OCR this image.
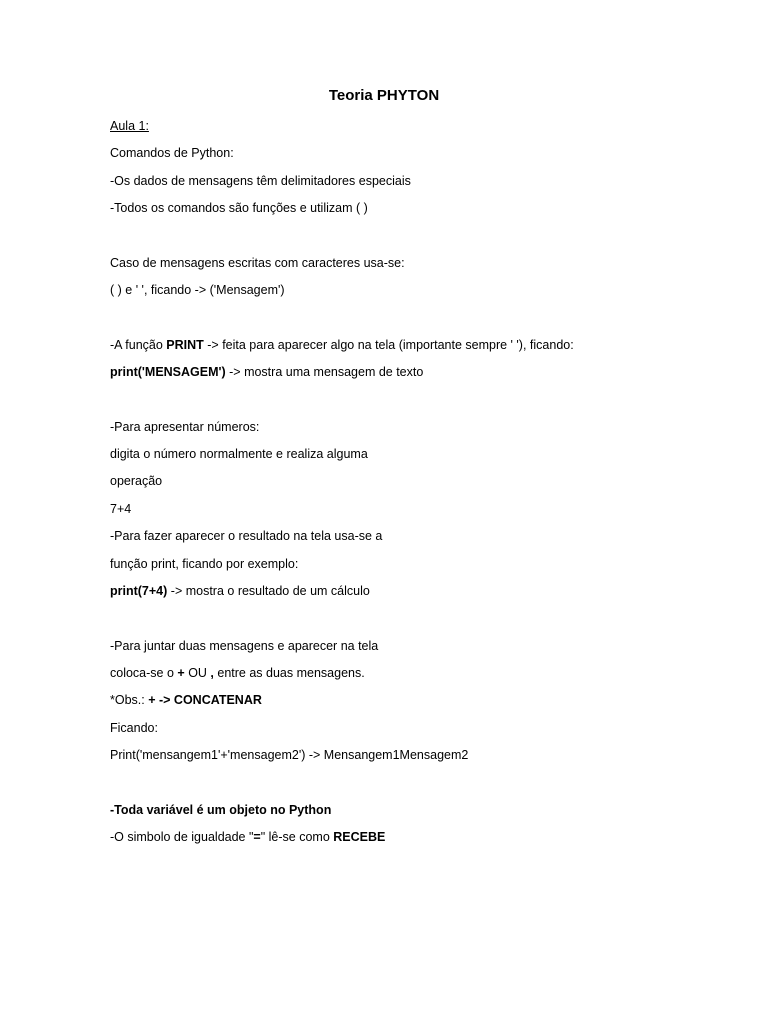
Teoria PHYTON
Aula 1:
Comandos de Python:
-Os dados de mensagens têm delimitadores especiais
-Todos os comandos são funções e utilizam ( )
Caso de mensagens escritas com caracteres usa-se:
( ) e ' ', ficando -> ('Mensagem')
-A função PRINT -> feita para aparecer algo na tela (importante sempre ' '), ficando:
print('MENSAGEM') -> mostra uma mensagem de texto
-Para apresentar números:
digita o número normalmente e realiza alguma
operação
7+4
-Para fazer aparecer o resultado na tela usa-se a
função print, ficando por exemplo:
print(7+4) -> mostra o resultado de um cálculo
-Para juntar duas mensagens e aparecer na tela
coloca-se o + OU , entre as duas mensagens.
*Obs.: + -> CONCATENAR
Ficando:
Print('mensangem1'+'mensagem2') -> Mensangem1Mensagem2
-Toda variável é um objeto no Python
-O simbolo de igualdade "=" lê-se como RECEBE
